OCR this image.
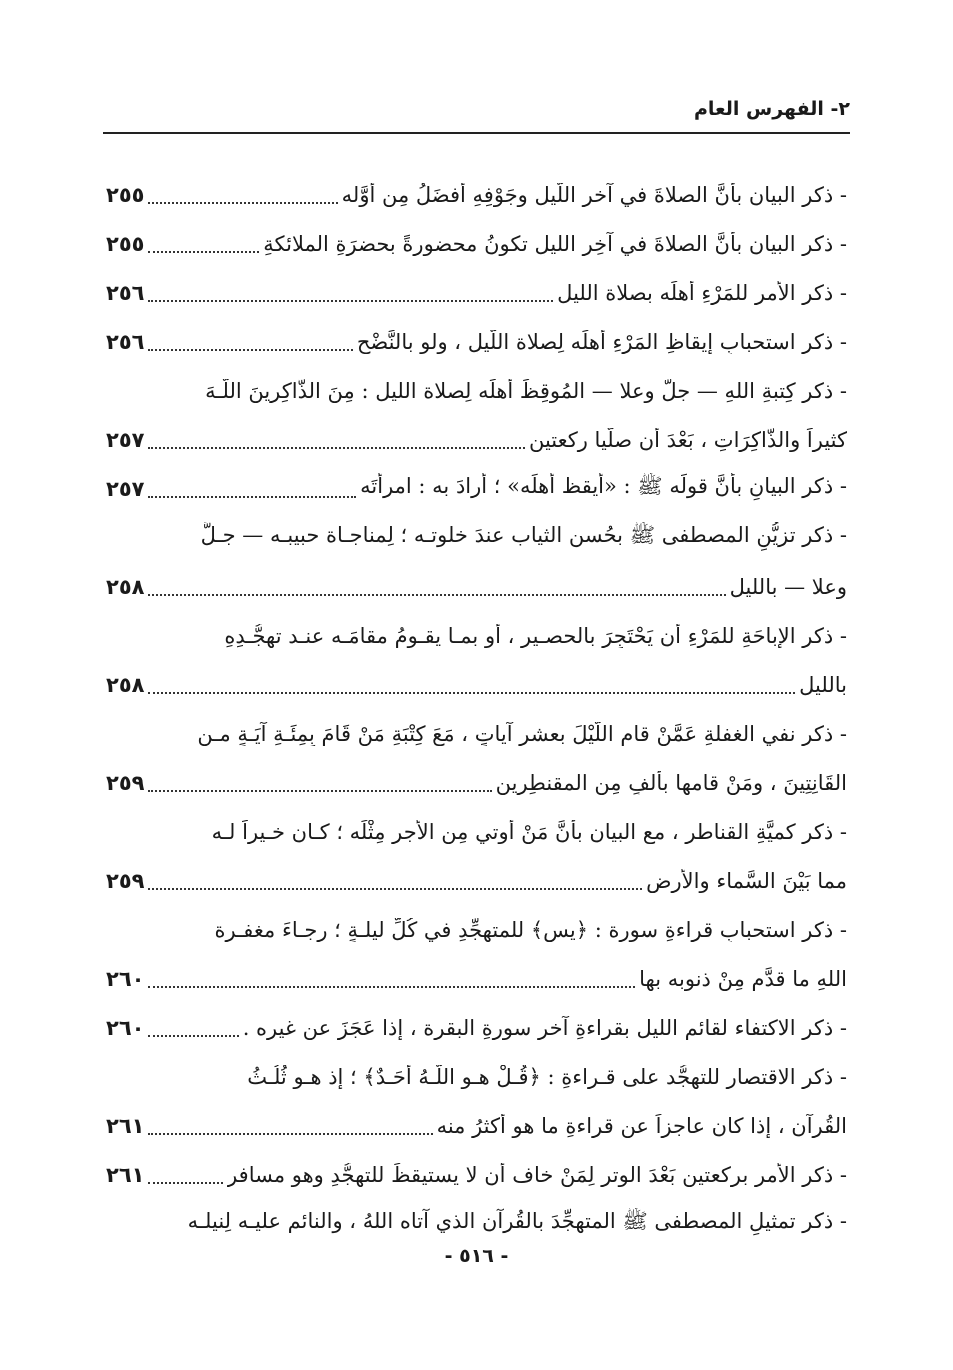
٢- الفهرس العام
- ذكر البيان بأنَّ الصلاةَ في آخرِ اللَّيلِ وجَوْفِهِ أفضَلُ مِن أوَّله
٢٥٥
- ذكر البيانِ بأنَّ الصلاةَ في آخِرِ الليلِ تكونُ محضورةً بحضرَةِ الملائكةِ
٢٥٥
- ذكر الأمرِ للمَرْءِ أهلَه بصلاة الليل
٢٥٦
- ذكر استحبابِ إيقاظِ المَرْءِ أهلَه لِصلاة اللَّيلِ ، ولو بالنَّضْح
٢٥٦
- ذكر كِتبةِ اللهِ — جلَّ وعلا — المُوقِظَ أهلَه لِصلاة الليل : مِنَ الذَّاكِرينَ اللَّـهَ
كثيراً والذَّاكِرَاتِ ، بَعْدَ أن صلَّيا ركعتين
٢٥٧
- ذكر البيانِ بأنَّ قولَه ﷺ : «أيقظ أهلَه» ؛ أرادَ به : امرأتَه
٢٥٧
- ذكر تزيُّنِ المصطفى ﷺ بحُسن الثياب عندَ خلوتـه ؛ لِمناجـاة حبيبـه — جـلَّ
وعلا — بالليل
٢٥٨
- ذكر الإباحَةِ للمَرْءِ أن يَحْتَجِرَ بالحصـيرِ ، أو بمـا يقـومُ مقامَـه عنـد تهجُّـدِهِ
بالليل
٢٥٨
- ذكر نفي الغفلةِ عَمَّنْ قام اللَّيْلَ بعشرِ آياتٍ ، مَعَ كِتْبَةِ مَنْ قَامَ بِمِئَـةِ آيَـةٍ مـن
القَانِتِينَ ، ومَنْ قامها بألفٍ مِن المقنطِرين
٢٥٩
- ذكر كميَّةِ القناطرِ ، مع البيانِ بأنَّ مَنْ أوتي مِن الأجرِ مِثْلَه ؛ كـان خـيراً لـه
مما بَيْنَ السَّماء والأرض
٢٥٩
- ذكر استحبابِ قراءةِ سورة : ﴿يس﴾ للمتهجِّدِ في كُلِّ ليلـةٍ ؛ رجـاءَ مغفـرة
اللهِ ما قدَّم مِنْ ذنوبه بها
٢٦٠
- ذكر الاكتفاء لقائم الليل بقراءةِ آخرِ سورةِ البقرة ، إذا عَجَزَ عن غيره .
٢٦٠
- ذكر الاقتصار للتهجُّد على قـراءةِ : ﴿قُـلْ هـو اللَّـهُ أحَـدٌ﴾ ؛ إذ هـو ثُلُـثُ
القُرآنِ ، إذا كان عاجزاً عن قراءةِ ما هو أكثرُ منه
٢٦١
- ذكر الأمرِ بركعتين بَعْدَ الوتر لِمَنْ خاف أن لا يستيقظَ للتهجُّدِ وهو مسافر
٢٦١
- ذكر تمثيلِ المصطفى ﷺ المتهجِّدَ بالقُرآن الذي آتاه اللهُ ، والنائم عليـه لِنيلـه
- ٥١٦ -
